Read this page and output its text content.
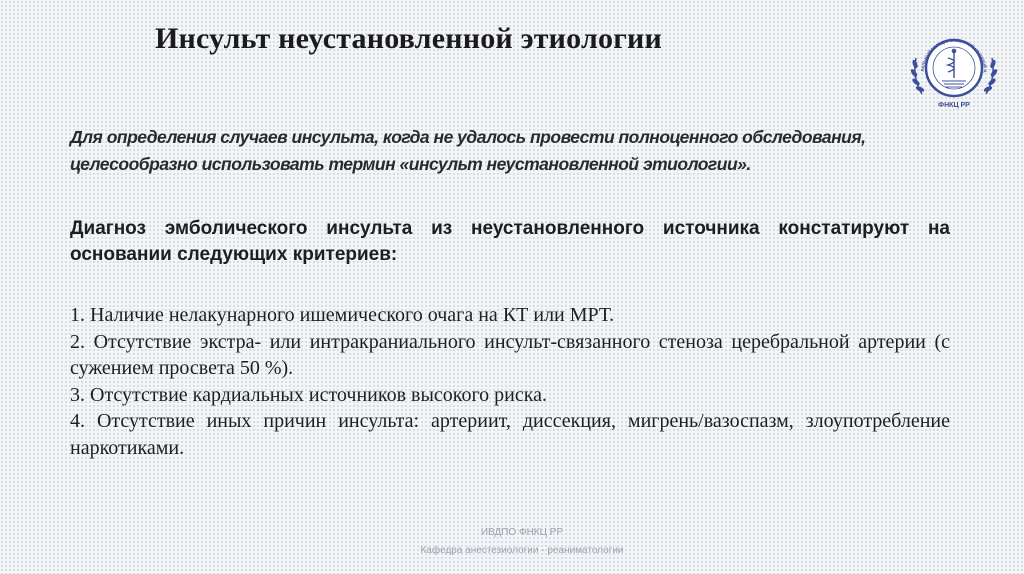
Инсульт неустановленной этиологии
РАЛЬНЫЙ ГОСУДАРСТВЕННЫЙ НАУЧНЫЙ Ц
ФНКЦ РР
Для определения случаев инсульта, когда не удалось провести полноценного обследования, целесообразно использовать термин «инсульт неустановленной этиологии».
Диагноз эмболического инсульта из неустановленного источника констатируют на основании следующих критериев:
1. Наличие нелакунарного ишемического очага на КТ или МРТ.
2. Отсутствие экстра- или интракраниального инсульт-связанного стеноза церебральной артерии (с сужением просвета 50 %).
3. Отсутствие кардиальных источников высокого риска.
4. Отсутствие иных причин инсульта: артериит, диссекция, мигрень/вазоспазм, злоупотребление наркотиками.
ИВДПО ФНКЦ РР
Кафедра анестезиологии - реаниматологии
